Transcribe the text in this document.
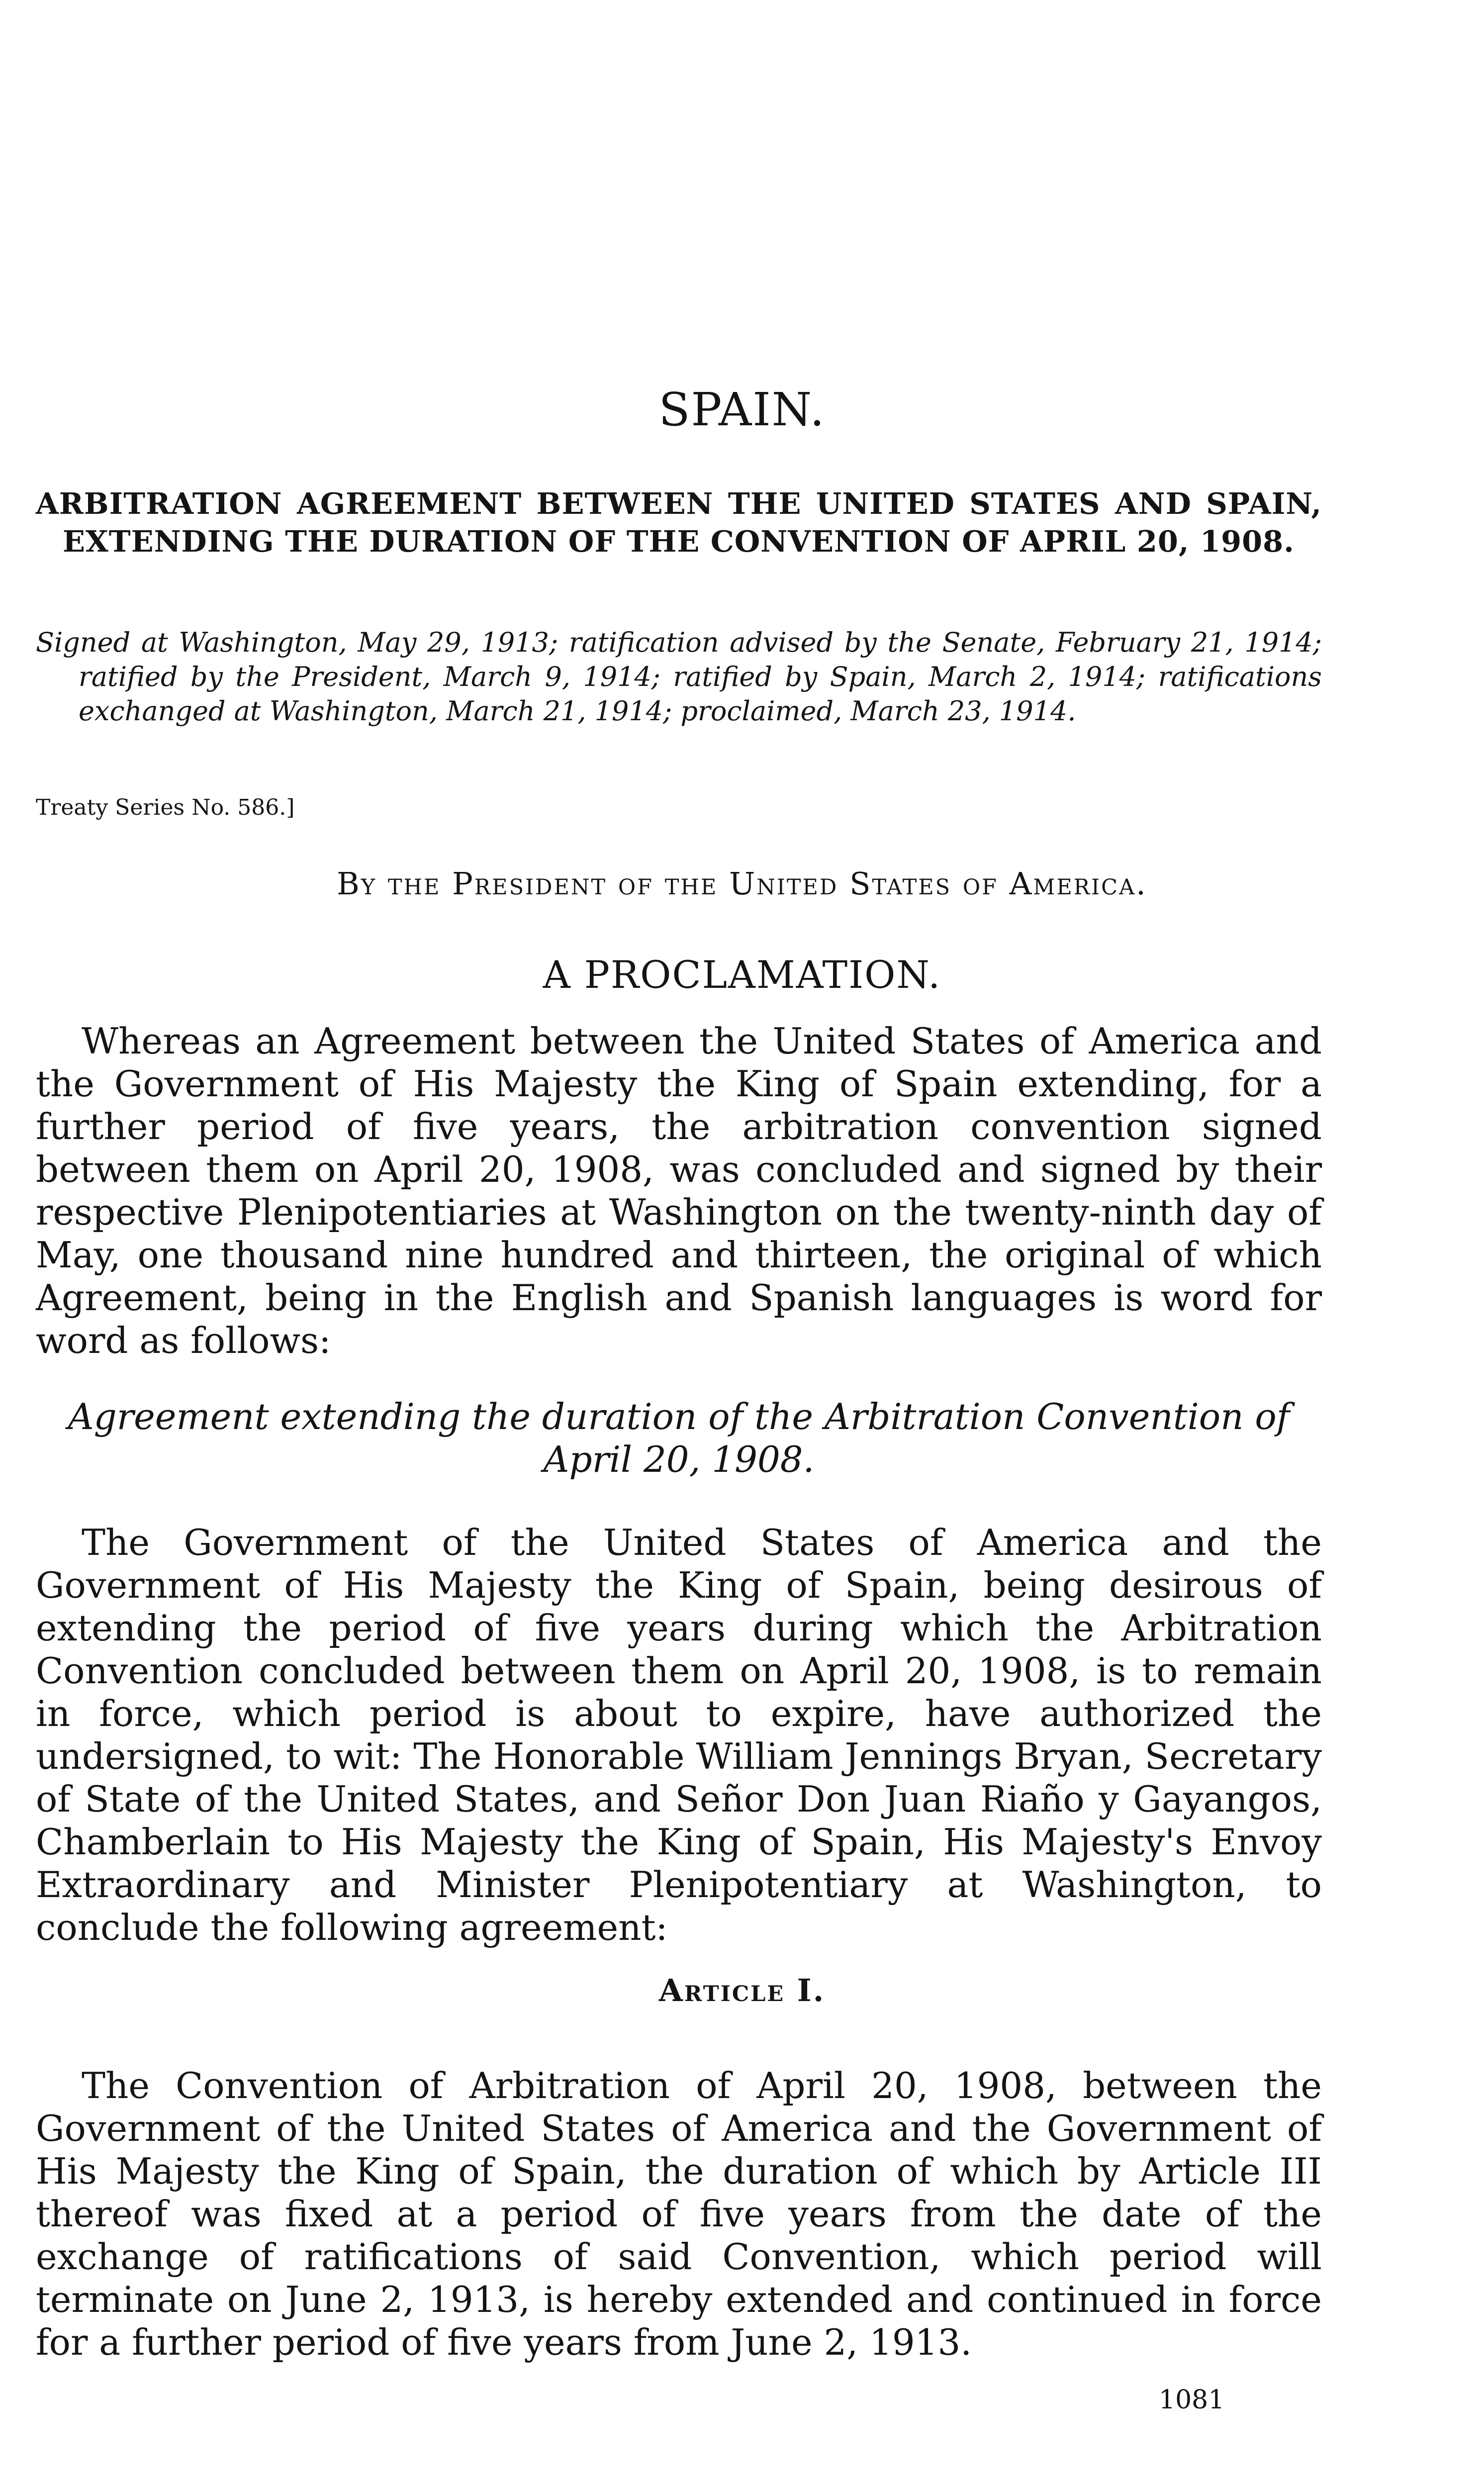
SPAIN.
ARBITRATION AGREEMENT BETWEEN THE UNITED STATES AND SPAIN, EXTENDING THE DURATION OF THE CONVENTION OF APRIL 20, 1908.

Signed at Washington, May 29, 1913; ratification advised by the Senate, February 21, 1914; ratified by the President, March 9, 1914; ratified by Spain, March 2, 1914; ratifications exchanged at Washington, March 21, 1914; proclaimed, March 23, 1914.

Treaty Series No. 586.]

By the President of the United States of America.

A PROCLAMATION.

Whereas an Agreement between the United States of America and the Government of His Majesty the King of Spain extending, for a further period of five years, the arbitration convention signed between them on April 20, 1908, was concluded and signed by their respective Plenipotentiaries at Washington on the twenty-ninth day of May, one thousand nine hundred and thirteen, the original of which Agreement, being in the English and Spanish languages is word for word as follows:

Agreement extending the duration of the Arbitration Convention of April 20, 1908.

The Government of the United States of America and the Government of His Majesty the King of Spain, being desirous of extending the period of five years during which the Arbitration Convention concluded between them on April 20, 1908, is to remain in force, which period is about to expire, have authorized the undersigned, to wit: The Honorable William Jennings Bryan, Secretary of State of the United States, and Señor Don Juan Riaño y Gayangos, Chamberlain to His Majesty the King of Spain, His Majesty's Envoy Extraordinary and Minister Plenipotentiary at Washington, to conclude the following agreement:

Article I.

The Convention of Arbitration of April 20, 1908, between the Government of the United States of America and the Government of His Majesty the King of Spain, the duration of which by Article III thereof was fixed at a period of five years from the date of the exchange of ratifications of said Convention, which period will terminate on June 2, 1913, is hereby extended and continued in force for a further period of five years from June 2, 1913.

1081
